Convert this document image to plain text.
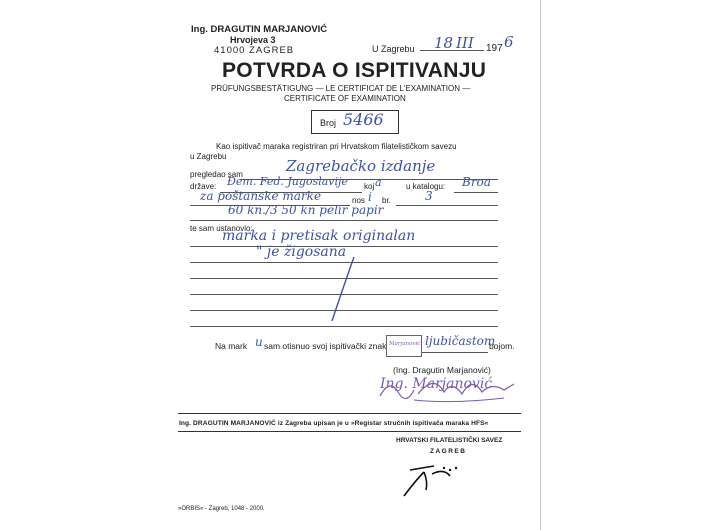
Ing. DRAGUTIN MARJANOVIĆ
Hrvojeva 3
41000 ZAGREB	U Zagrebu 18 III 197 6
POTVRDA O ISPITIVANJU
PRÜFUNGSBESTÄTIGUNG — LE CERTIFICAT DE L'EXAMINATION —
CERTIFICATE OF EXAMINATION
Broj 5466
Kao ispitivač maraka registriran pri Hrvatskom filatelističkom savezu
u Zagrebu
pregledao sam	Zagrebačko izdanje
države: Ðem. Fed. Jugoslavije koj a	u katalogu: Broa
za poštanske marke	nos i br.	3
60 kn./3 50 kn pelir papir
te sam ustanovio:
marka i pretisak originalan
" je žigosana
Na mark u sam otisnuo svoj ispitivački znak Marjanović ljubičastom
bojom.
(Ing. Dragutin Marjanović)
Ing. Marjanović
Ing. DRAGUTIN MARJANOVIĆ iz Zagreba upisan je u »Registar stručnih ispitivača maraka HFS«
HRVATSKI FILATELISTIČKI SAVEZ
ZAGREB
»ORBIS« - Zagreb, 1048 - 2000.
